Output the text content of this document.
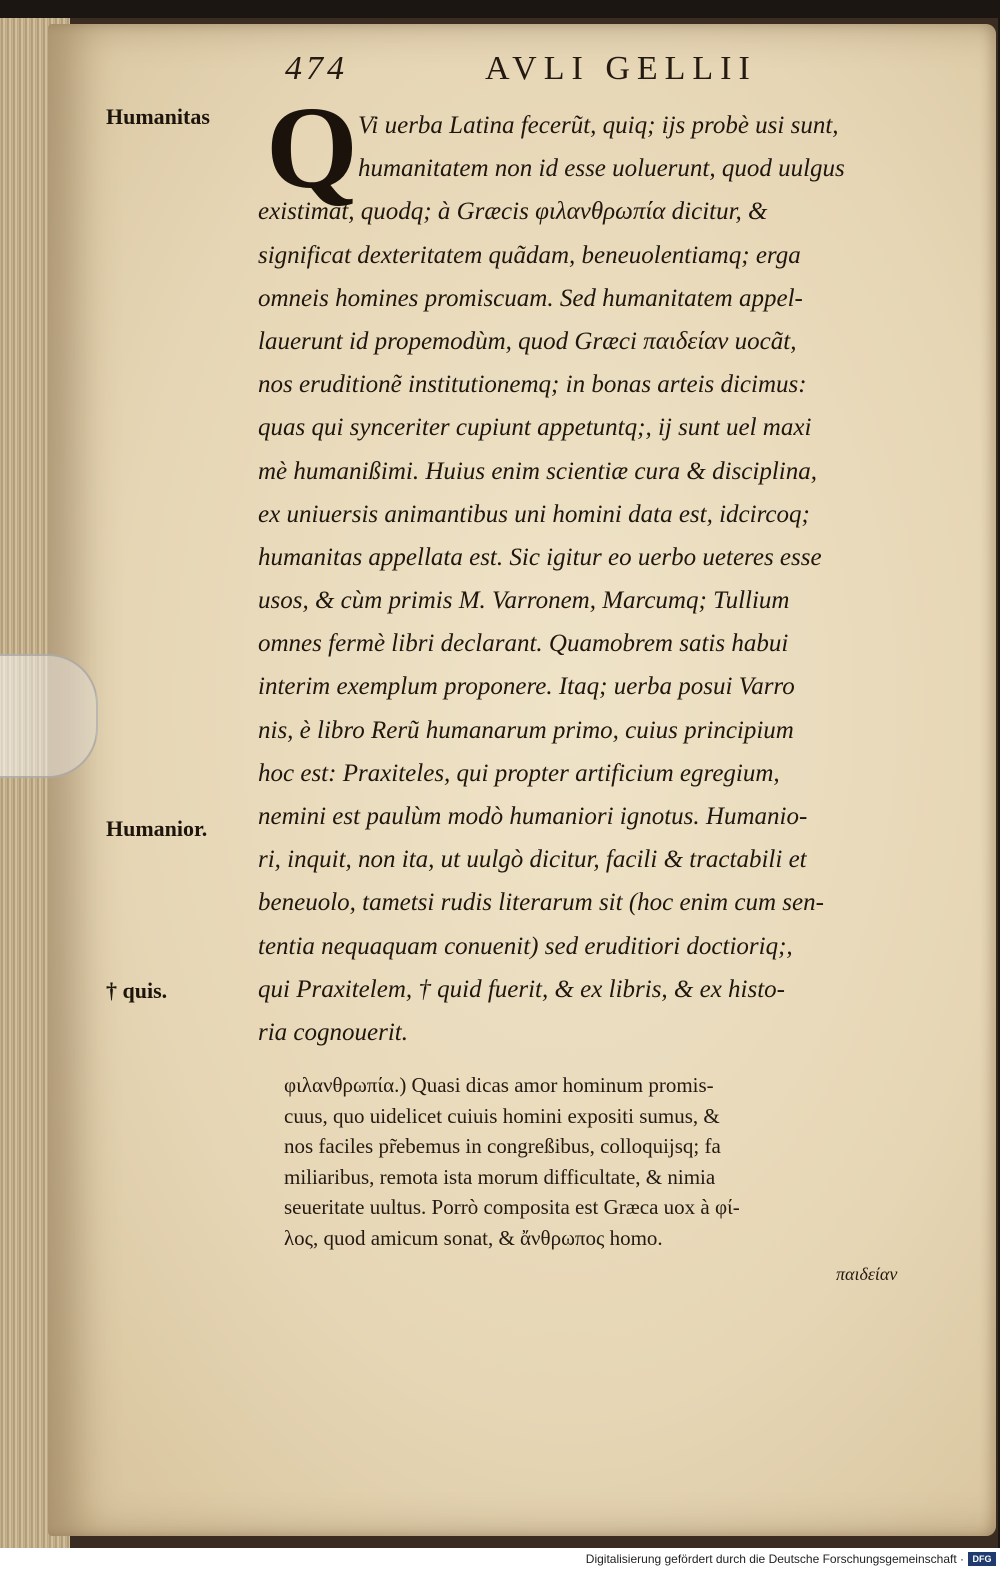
474	AVLI GELLII
Humanitas
Humanior.
† quis.
Q Vi uerba Latina fecerũt, quiq; ijs probè usi sunt,
humanitatem non id esse uoluerunt, quod uulgus
existimat, quodq; à Græcis φιλανθρωπία dicitur, &
significat dexteritatem quãdam, beneuolentiamq; erga
omneis homines promiscuam. Sed humanitatem appel-
lauerunt id propemodùm, quod Græci παιδείαν uocãt,
nos eruditionẽ institutionemq; in bonas arteis dicimus:
quas qui synceriter cupiunt appetuntq;, ij sunt uel maxi
mè humanißimi. Huius enim scientiæ cura & disciplina,
ex uniuersis animantibus uni homini data est, idcircoq;
humanitas appellata est. Sic igitur eo uerbo ueteres esse
usos, & cùm primis M. Varronem, Marcumq; Tullium
omnes fermè libri declarant. Quamobrem satis habui
interim exemplum proponere. Itaq; uerba posui Varro
nis, è libro Rerũ humanarum primo, cuius principium
hoc est: Praxiteles, qui propter artificium egregium,
nemini est paulùm modò humaniori ignotus. Humanio-
ri, inquit, non ita, ut uulgò dicitur, facili & tractabili et
beneuolo, tametsi rudis literarum sit (hoc enim cum sen-
tentia nequaquam conuenit) sed eruditiori doctioriq;,
qui Praxitelem, † quid fuerit, & ex libris, & ex histo-
ria cognouerit.
φιλανθρωπία.) Quasi dicas amor hominum promis-
cuus, quo uidelicet cuiuis homini expositi sumus, &
nos faciles pr̃ebemus in congreßibus, colloquijsq; fa
miliaribus, remota ista morum difficultate, & nimia
seueritate uultus. Porrò composita est Græca uox à φί-
λος, quod amicum sonat, & ἄνθρωπος homo.
παιδείαν
Digitalisierung gefördert durch die Deutsche Forschungsgemeinschaft · DFG
